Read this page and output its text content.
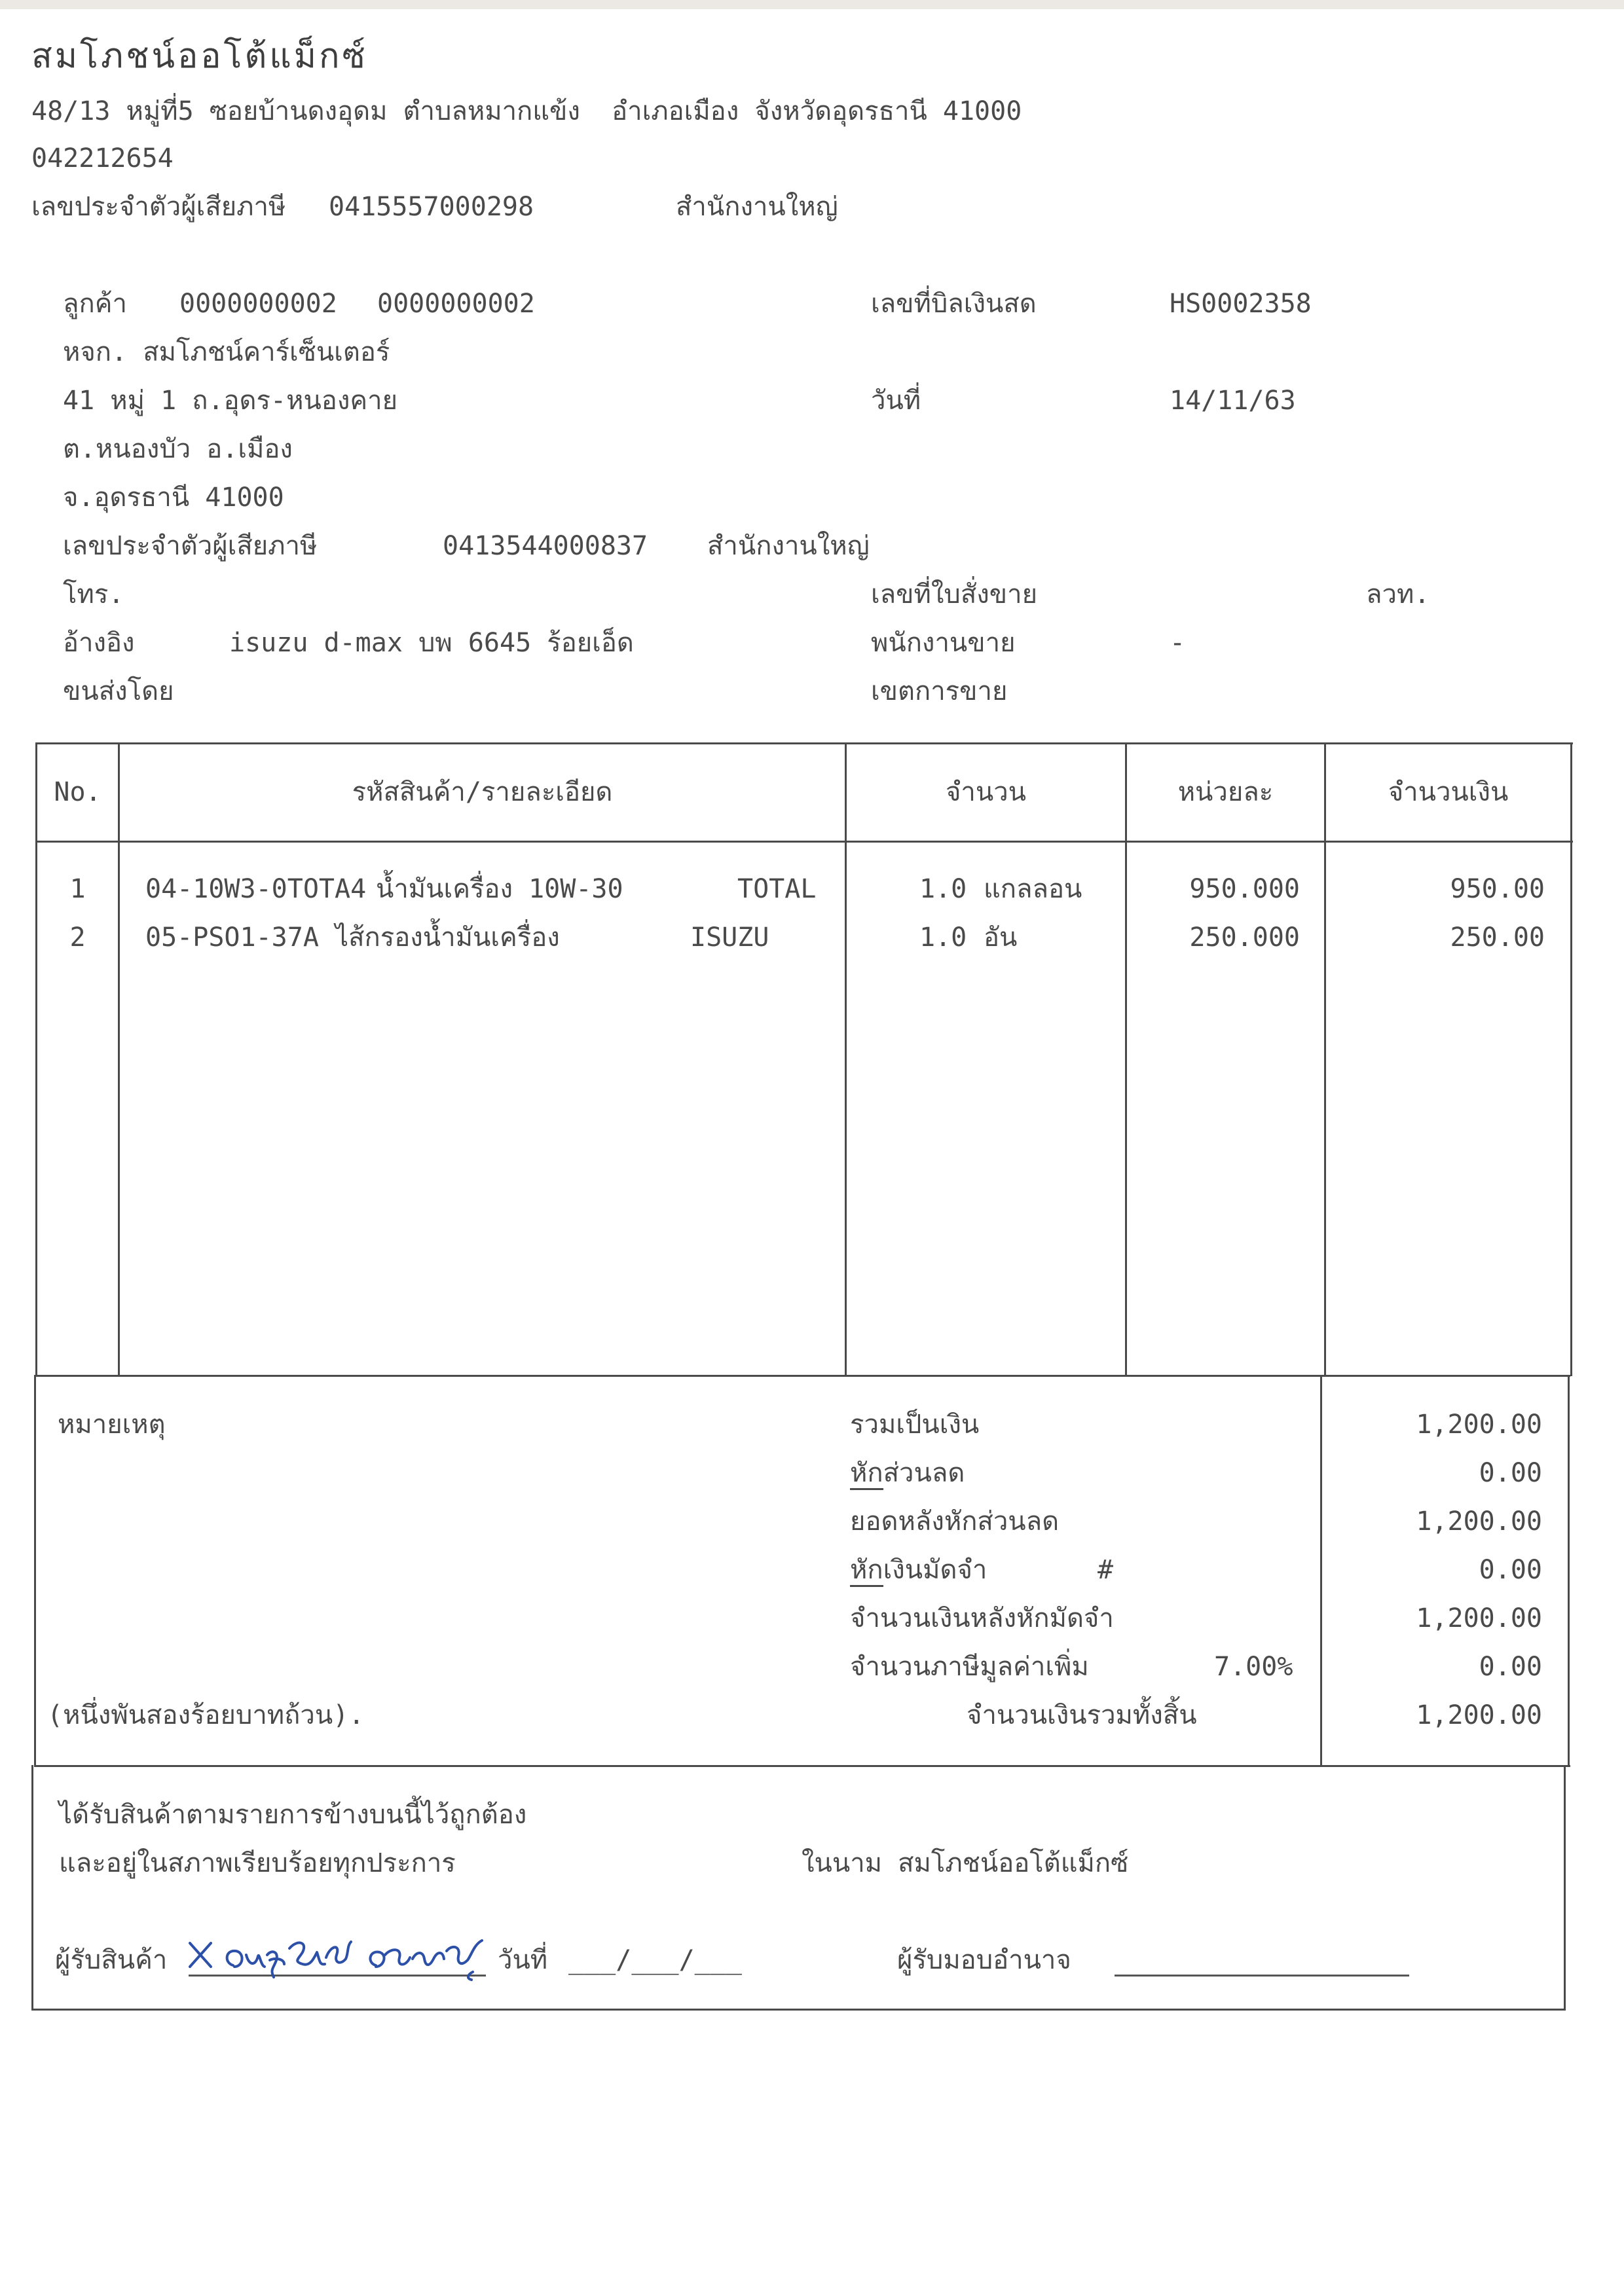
สมโภชน์ออโต้แม็กซ์
48/13 หมู่ที่5 ซอยบ้านดงอุดม ตำบลหมากแข้ง  อำเภอเมือง จังหวัดอุดรธานี 41000
042212654
เลขประจำตัวผู้เสียภาษี 0415557000298	สำนักงานใหญ่
ลูกค้า 0000000002 0000000002
หจก. สมโภชน์คาร์เซ็นเตอร์
41 หมู่ 1 ถ.อุดร-หนองคาย
ต.หนองบัว อ.เมือง
จ.อุดรธานี 41000
เลขประจำตัวผู้เสียภาษี	0413544000837 สำนักงานใหญ่
โทร.
อ้างอิง	isuzu d-max บพ 6645 ร้อยเอ็ด
ขนส่งโดย
เลขที่บิลเงินสด	HS0002358
วันที่	14/11/63
เลขที่ใบสั่งขาย	ลวท.
พนักงานขาย	-
เขตการขาย
No.	รหัสสินค้า/รายละเอียด	จำนวน	หน่วยละ	จำนวนเงิน
1	04-10W3-0TOTA4 น้ำมันเครื่อง 10W-30	TOTAL	1.0 แกลลอน	950.000	950.00
2	05-PSO1-37A ไส้กรองน้ำมันเครื่อง	ISUZU	1.0 อัน	250.000	250.00
หมายเหตุ	รวมเป็นเงิน	1,200.00
หักส่วนลด	0.00
ยอดหลังหักส่วนลด	1,200.00
หักเงินมัดจำ	#	0.00
จำนวนเงินหลังหักมัดจำ	1,200.00
จำนวนภาษีมูลค่าเพิ่ม	7.00%	0.00
(หนึ่งพันสองร้อยบาทถ้วน).	จำนวนเงินรวมทั้งสิ้น	1,200.00
ได้รับสินค้าตามรายการข้างบนนี้ไว้ถูกต้อง
และอยู่ในสภาพเรียบร้อยทุกประการ	ในนาม สมโภชน์ออโต้แม็กซ์
ผู้รับสินค้า	วันที่ ___/___/___	ผู้รับมอบอำนาจ
